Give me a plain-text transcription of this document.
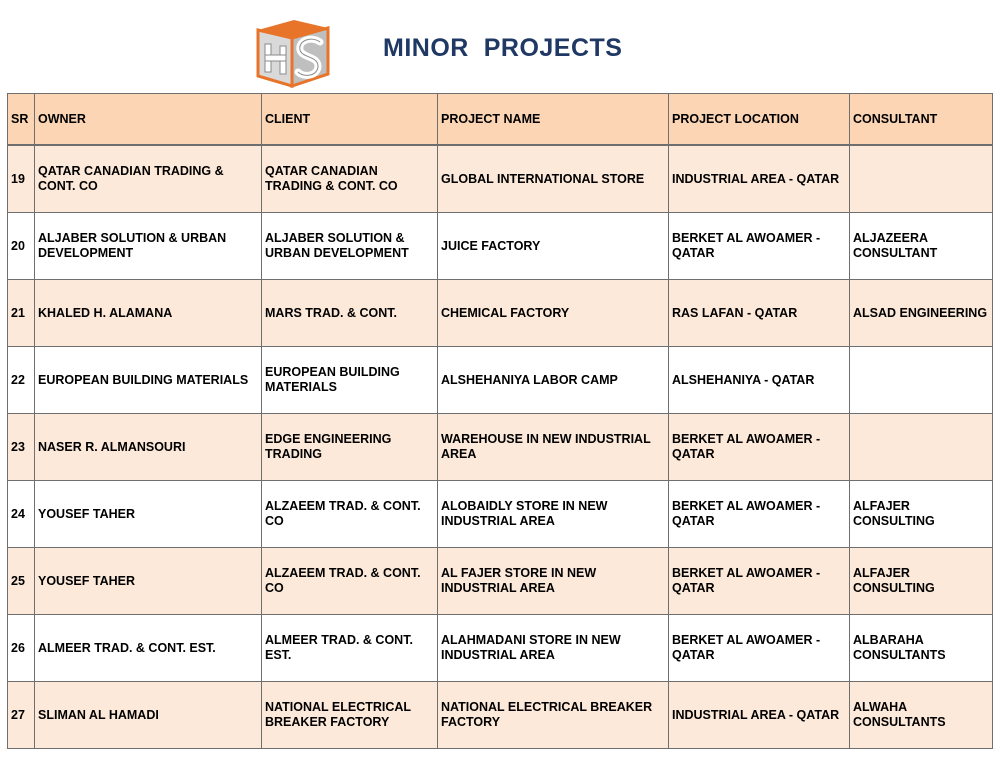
MINOR  PROJECTS
SR	OWNER	CLIENT	PROJECT NAME	PROJECT LOCATION	CONSULTANT
19	QATAR CANADIAN TRADING & CONT. CO	QATAR CANADIAN TRADING & CONT. CO	GLOBAL INTERNATIONAL STORE	INDUSTRIAL AREA - QATAR	
20	ALJABER SOLUTION & URBAN DEVELOPMENT	ALJABER SOLUTION & URBAN DEVELOPMENT	JUICE FACTORY	BERKET AL AWOAMER - QATAR	ALJAZEERA CONSULTANT
21	KHALED H. ALAMANA	MARS TRAD. & CONT.	CHEMICAL FACTORY	RAS LAFAN - QATAR	ALSAD ENGINEERING
22	EUROPEAN BUILDING MATERIALS	EUROPEAN BUILDING MATERIALS	ALSHEHANIYA LABOR CAMP	ALSHEHANIYA - QATAR	
23	NASER R. ALMANSOURI	EDGE ENGINEERING TRADING	WAREHOUSE IN NEW INDUSTRIAL AREA	BERKET AL AWOAMER - QATAR	
24	YOUSEF TAHER	ALZAEEM TRAD. & CONT. CO	ALOBAIDLY STORE IN NEW INDUSTRIAL AREA	BERKET AL AWOAMER - QATAR	ALFAJER CONSULTING
25	YOUSEF TAHER	ALZAEEM TRAD. & CONT. CO	AL FAJER STORE IN NEW INDUSTRIAL AREA	BERKET AL AWOAMER - QATAR	ALFAJER CONSULTING
26	ALMEER TRAD. & CONT. EST.	ALMEER TRAD. & CONT. EST.	ALAHMADANI STORE IN NEW INDUSTRIAL AREA	BERKET AL AWOAMER - QATAR	ALBARAHA CONSULTANTS
27	SLIMAN AL HAMADI	NATIONAL ELECTRICAL BREAKER FACTORY	NATIONAL ELECTRICAL BREAKER FACTORY	INDUSTRIAL AREA - QATAR	ALWAHA CONSULTANTS
